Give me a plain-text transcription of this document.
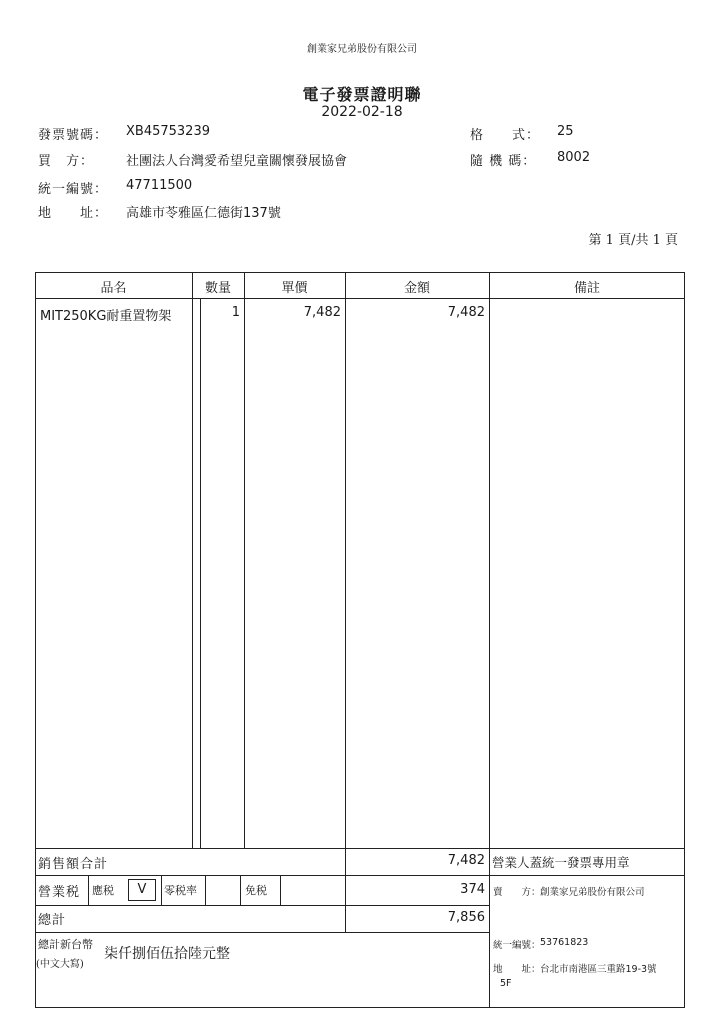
創業家兄弟股份有限公司
電子發票證明聯
2022-02-18
發票號碼： XB45753239	格　　式： 25
買　方： 社團法人台灣愛希望兒童關懷發展協會	隨 機 碼： 8002
統一編號： 47711500
地　　址： 高雄市苓雅區仁德街137號
第 1 頁/共 1 頁
品名	數量	單價	金額	備註
MIT250KG耐重置物架	1	7,482	7,482
銷售額合計	7,482 營業人蓋統一發票專用章
營業税 應税	V	零税率	免税	374 賣　　方： 創業家兄弟股份有限公司
總計	7,856
總計新台幣
(中文大寫)
柒仟捌佰伍拾陸元整
統一編號： 53761823
地　　址： 台北市南港區三重路19-3號
5F
